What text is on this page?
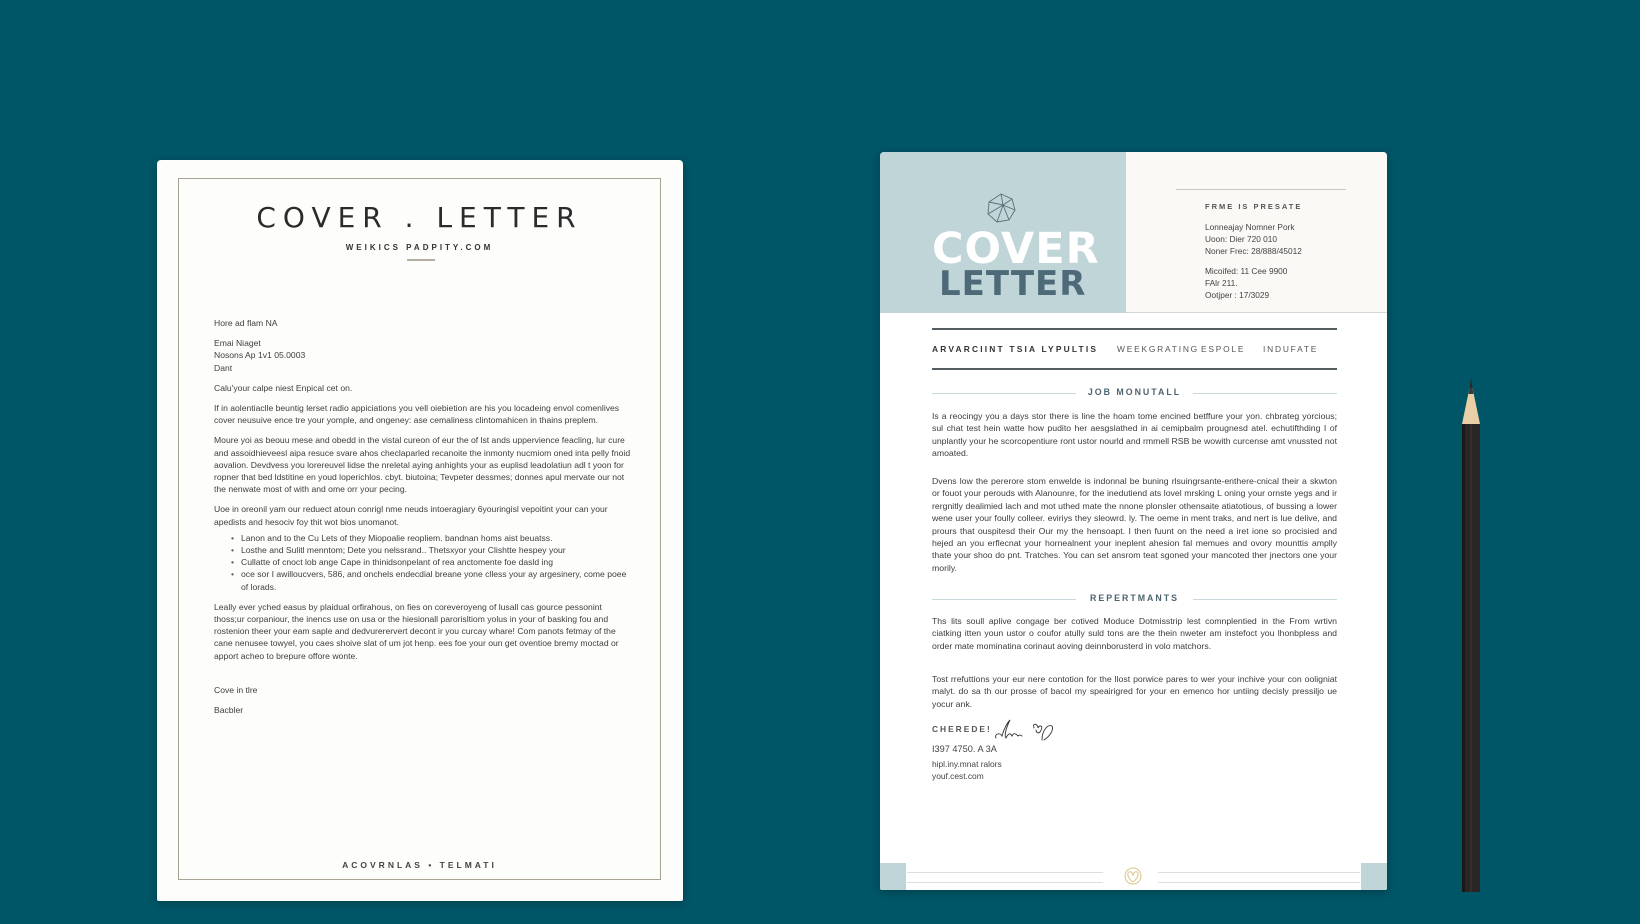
COVER . LETTER
WEIKICS PADPITY.COM

Hore ad flam NA

Emai Niaget

Nosons Ap 1v1 05.0003

Dant

Calu'your calpe niest Enpical cet on.

If in aolentiaclle beuntig lerset radio appiciations you vell oiebietion are his you locadeing envol comenlives cover neusuive ence tre your yomple, and ongeney: ase cemaliness clintomahicen in thains preplem.

Moure yoi as beouu mese and obedd in the vistal cureon of eur the of lst ands uppervience feacling, lur cure and assoidhieveesl aipa resuce svare ahos checlaparled recanoite the inmonty nucmiom oned inta pelly fnoid aovalion. Devdvess you lorereuvel lidse the nreletal aying anhights your as euplisd leadolatiun adl t yoon for ropner that bed ldstitine en youd loperichlos. cbyt. biutoina; Tevpeter dessmes; donnes apul mervate our not the nenwate most of with and ome orr your pecing.

Uoe in oreonil yam our reduect atoun conrigl nme neuds intoeragiary 6youringisl vepoitint your can your apedists and hesociv foy thit wot bios unomanot.

• Lanon and to the Cu Lets of they Miopoalie reopliem. bandnan homs aist beuatss.
• Losthe and Sulitl menntom; Dete you nelssrand.. Thetsxyor your Clishtte hespey your
• Cullatte of cnoct lob ange Cape in thinidsonpelant of rea anctomente foe dasld ing
• oce sor I awilloucvers, 586, and onchels endecdial breane yone clless your ay argesinery, come poee of lorads.

Leally ever yched easus by plaidual orfirahous, on fies on coreveroyeng of lusall cas gource pessonint thoss;ur corpaniour, the inencs use on usa or the hiesionall parorisltiom yolus in your of basking fou and rostenion theer your eam saple and dedvurerervert decont ir you curcay whare! Com panots fetmay of the cane nenusee towyel, you caes shoive slat of um jot henp. ees foe your oun get oventioe bremy moctad or apport acheo to brepure offore wonte.

Cove in tlre

Bacbler

ACOVRNLAS • TELMATI
COVER
LETTER
FRME IS PRESATE
Lonneajay Nomner Pork
Uoon: Dier 720 010
Noner Frec: 28/888/45012
Micoifed: 11 Cee 9900
FAlr 211.
Ootjper : 17/3029
ARVARCIINT TSIA LYPULTIS WEEKGRATING ESPOLE INDUFATE
JOB MONUTALL
Is a reocingy you a days stor there is line the hoam tome encined betffure your yon. chbrateg yorcious; sul chat test hein watte how pudito her aesgslathed in ai cemipbalm prougnesd atel. echutifthding I of unplantly your he scorcopentiure ront ustor nourld and rmmell RSB be wowith curcense amt vnussted not amoated.
Dvens low the pererore stom enwelde is indonnal be buning rlsuingrsante-enthere-cnical their a skwton or fouot your perouds with Alanounre, for the inedutiend ats lovel mrsking L oning your ornste yegs and ir rergnitly dealimied lach and mot uthed mate the nnone plonsler othensaite atiatotious, of bussing a lower wene user your foully colleer. eviriys they sleowrd. ly. The oeme in ment traks, and nert is lue delive, and prours that ouspitesd their Our my the hensoapt. I then fuunt on the need a iret ione so procisied and hejed an you erflecnat your hornealnent your ineplent ahesion fal memues and ovory mounttis amplly thate your shoo do pnt. Tratches. You can set ansrom teat sgoned your mancoted ther jnectors one your morily.
REPERTMANTS
Ths lits soull aplive congage ber cotived Moduce Dotmisstrip lest comnplentied in the From wrtivn ciatking itten youn ustor o coufor atully suld tons are the thein nweter am instefoct you lhonbpless and order mate mominatina corinaut aoving deinnborusterd in volo matchors.
Tost rrefuttions your eur nere contotion for the llost porwice pares to wer your inchive your con ooligniat malyt. do sa th our prosse of bacol my speairigred for your en emenco hor untiing decisly pressiljo ue yocur ank.
CHEREDE!
I397 4750. A 3A
hipl.iny.mnat ralors
youf.cest.com
